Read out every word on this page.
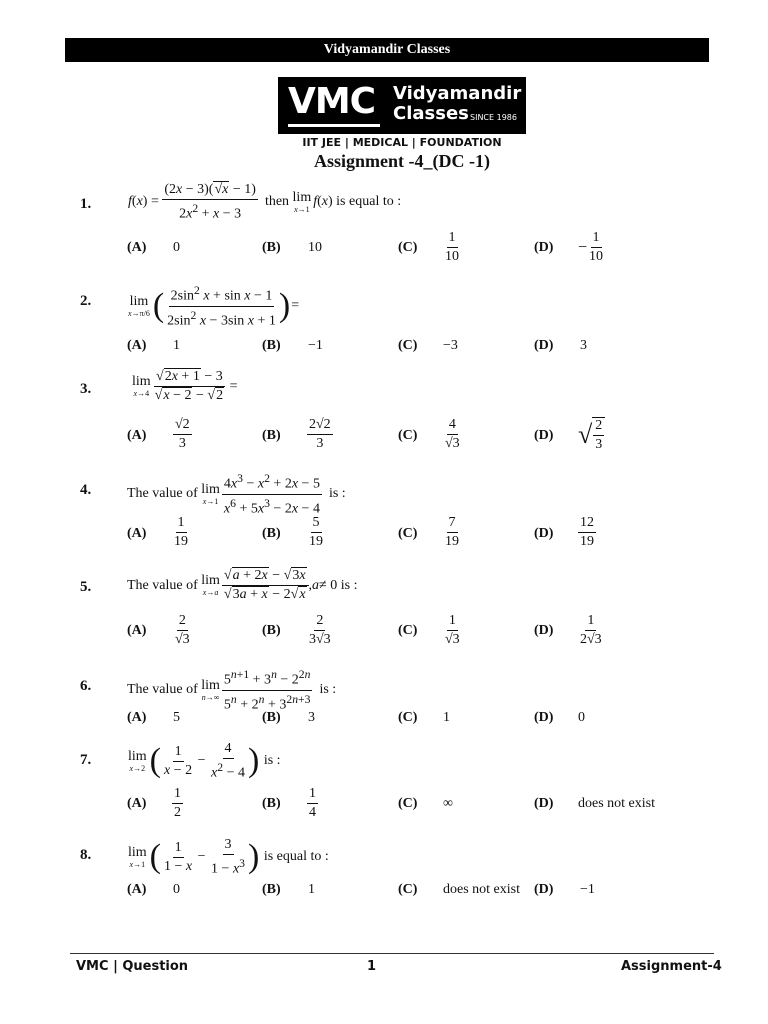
Vidyamandir Classes
VMC Vidyamandir
Classes SINCE 1986
IIT JEE | MEDICAL | FOUNDATION
Assignment -4_(DC -1)
1.	f ( x ) = $\frac{(2x - 3)(√x - 1)}{2x^2 + x - 3}$
then
lim
x→1 f ( x ) is equal to :
(A) 0	(B) 10	$(C) \frac{1}{10}$	$(D) - \frac{1}{10}$
2.	lim
x→π/6 ( $\frac{2\sin^2 x + \sin x - 1}{2\sin^2 x - 3\sin x + 1}$ ) =
(A) 1	(B) −1	(C) −3	(D) 3
3.	lim
$x\to 4 \frac{√2x + 1 - 3}{√x - 2 - √2}$ =
$(A) \frac{√2}{3}$	$(B) \frac{2√2}{3}$	$(C) \frac{4}{√3}$	(D) √ $\frac{2}{3}$
4.	The value of
lim
$x\to 1 \frac{4x^3 - x^2 + 2x - 5}{x^6 + 5x^3 - 2x - 4}$
is :
$(A) \frac{1}{19}$	$(B) \frac{5}{19}$	$(C) \frac{7}{19}$	$(D) \frac{12}{19}$
5.	The value of
lim
$x\to a \frac{√a + 2x - √3x}{√3a + x - 2√x}$ , a ≠ 0 is :
$(A) \frac{2}{√3}$	$(B) \frac{2}{3√3}$	$(C) \frac{1}{√3}$	$(D) \frac{1}{2√3}$
6.	The value of
lim
$n\to\infty \frac{5^{n+1} + 3^n - 2^{2n}}{5^n + 2^n + 3^{2n+3}}$
is :
(A) 5	(B) 3	(C) 1	(D) 0
7.	lim
x→2 ( $\frac{1}{x - 2} - \frac{4}{x^2 - 4}$ )
is :
$(A) \frac{1}{2}$	$(B) \frac{1}{4}$	(C) ∞	(D) does not exist
8.	lim
x→1 ( $\frac{1}{1 - x} - \frac{3}{1 - x^3}$ )
is equal to :
(A) 0	(B) 1	(C) does not exist (D) −1
VMC | Question	1	Assignment-4
